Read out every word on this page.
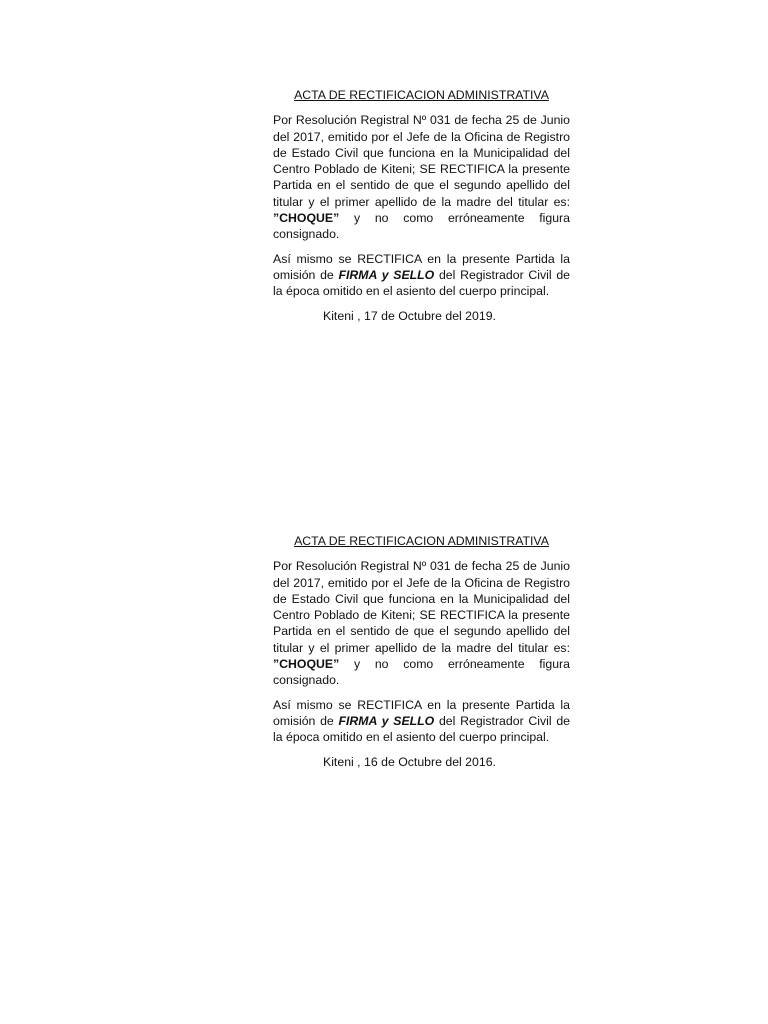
ACTA DE RECTIFICACION ADMINISTRATIVA

Por Resolución Registral Nº 031 de fecha 25 de Junio del 2017, emitido por el Jefe de la Oficina de Registro de Estado Civil que funciona en la Municipalidad del Centro Poblado de Kiteni; SE RECTIFICA la presente Partida en el sentido de que el segundo apellido del titular y el primer apellido de la madre del titular es: ”CHOQUE” y no como erróneamente figura consignado.

Así mismo se RECTIFICA en la presente Partida la omisión de FIRMA y SELLO del Registrador Civil de la época omitido en el asiento del cuerpo principal.

Kiteni , 17 de Octubre del 2019.

ACTA DE RECTIFICACION ADMINISTRATIVA

Por Resolución Registral Nº 031 de fecha 25 de Junio del 2017, emitido por el Jefe de la Oficina de Registro de Estado Civil que funciona en la Municipalidad del Centro Poblado de Kiteni; SE RECTIFICA la presente Partida en el sentido de que el segundo apellido del titular y el primer apellido de la madre del titular es: ”CHOQUE” y no como erróneamente figura consignado.

Así mismo se RECTIFICA en la presente Partida la omisión de FIRMA y SELLO del Registrador Civil de la época omitido en el asiento del cuerpo principal.

Kiteni , 16 de Octubre del 2016.
